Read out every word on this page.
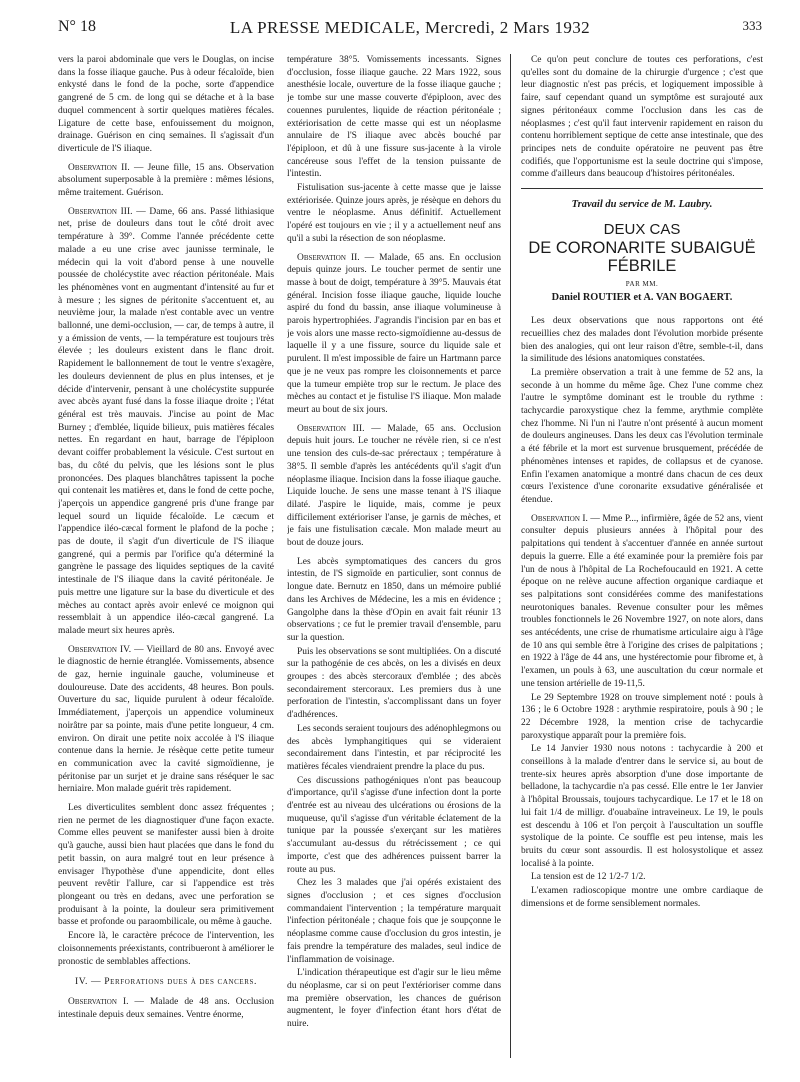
N° 18	LA PRESSE MEDICALE, Mercredi, 2 Mars 1932	333

vers la paroi abdominale que vers le Douglas, on incise dans la fosse iliaque gauche. Pus à odeur fécaloïde, bien enkysté dans le fond de la poche, sorte d'appendice gangrené de 5 cm. de long qui se détache et à la base duquel commencent à sortir quelques matières fécales. Ligature de cette base, enfouissement du moignon, drainage. Guérison en cinq semaines. Il s'agissait d'un diverticule de l'S iliaque.

Observation II. — Jeune fille, 15 ans. Observation absolument superposable à la première : mêmes lésions, même traitement. Guérison.

Observation III. — Dame, 66 ans. Passé lithiasique net, prise de douleurs dans tout le côté droit avec température à 39°. Comme l'année précédente cette malade a eu une crise avec jaunisse terminale, le médecin qui la voit d'abord pense à une nouvelle poussée de cholécystite avec réaction péritonéale. Mais les phénomènes vont en augmentant d'intensité au fur et à mesure ; les signes de péritonite s'accentuent et, au neuvième jour, la malade n'est contable avec un ventre ballonné, une demi-occlusion, — car, de temps à autre, il y a émission de vents, — la température est toujours très élevée ; les douleurs existent dans le flanc droit. Rapidement le ballonnement de tout le ventre s'exagère, les douleurs deviennent de plus en plus intenses, et je décide d'intervenir, pensant à une cholécystite suppurée avec abcès ayant fusé dans la fosse iliaque droite ; l'état général est très mauvais. J'incise au point de Mac Burney ; d'emblée, liquide bilieux, puis matières fécales nettes. En regardant en haut, barrage de l'épiploon devant coiffer probablement la vésicule. C'est surtout en bas, du côté du pelvis, que les lésions sont le plus prononcées. Des plaques blanchâtres tapissent la poche qui contenait les matières et, dans le fond de cette poche, j'aperçois un appendice gangrené pris d'une frange par lequel sourd un liquide fécaloïde. Le cæcum et l'appendice iléo-cæcal forment le plafond de la poche ; pas de doute, il s'agit d'un diverticule de l'S iliaque gangrené, qui a permis par l'orifice qu'a déterminé la gangrène le passage des liquides septiques de la cavité intestinale de l'S iliaque dans la cavité péritonéale. Je puis mettre une ligature sur la base du diverticule et des mèches au contact après avoir enlevé ce moignon qui ressemblait à un appendice iléo-cæcal gangrené. La malade meurt six heures après.

Observation IV. — Vieillard de 80 ans. Envoyé avec le diagnostic de hernie étranglée. Vomissements, absence de gaz, hernie inguinale gauche, volumineuse et douloureuse. Date des accidents, 48 heures. Bon pouls. Ouverture du sac, liquide purulent à odeur fécaloïde. Immédiatement, j'aperçois un appendice volumineux noirâtre par sa pointe, mais d'une petite longueur, 4 cm. environ. On dirait une petite noix accolée à l'S iliaque contenue dans la hernie. Je résèque cette petite tumeur en communication avec la cavité sigmoïdienne, je péritonise par un surjet et je draine sans réséquer le sac herniaire. Mon malade guérit très rapidement.

Les diverticulites semblent donc assez fréquentes ; rien ne permet de les diagnostiquer d'une façon exacte. Comme elles peuvent se manifester aussi bien à droite qu'à gauche, aussi bien haut placées que dans le fond du petit bassin, on aura malgré tout en leur présence à envisager l'hypothèse d'une appendicite, dont elles peuvent revêtir l'allure, car si l'appendice est très plongeant ou très en dedans, avec une perforation se produisant à la pointe, la douleur sera primitivement basse et profonde ou paraombilicale, ou même à gauche.

Encore là, le caractère précoce de l'intervention, les cloisonnements préexistants, contribueront à améliorer le pronostic de semblables affections.

IV. — Perforations dues à des cancers.

Observation I. — Malade de 48 ans. Occlusion intestinale depuis deux semaines. Ventre énorme,

température 38°5. Vomissements incessants. Signes d'occlusion, fosse iliaque gauche. 22 Mars 1922, sous anesthésie locale, ouverture de la fosse iliaque gauche ; je tombe sur une masse couverte d'épiploon, avec des couennes purulentes, liquide de réaction péritonéale ; extériorisation de cette masse qui est un néoplasme annulaire de l'S iliaque avec abcès bouché par l'épiploon, et dû à une fissure sus-jacente à la virole cancéreuse sous l'effet de la tension puissante de l'intestin.

Fistulisation sus-jacente à cette masse que je laisse extériorisée. Quinze jours après, je résèque en dehors du ventre le néoplasme. Anus définitif. Actuellement l'opéré est toujours en vie ; il y a actuellement neuf ans qu'il a subi la résection de son néoplasme.

Observation II. — Malade, 65 ans. En occlusion depuis quinze jours. Le toucher permet de sentir une masse à bout de doigt, température à 39°5. Mauvais état général. Incision fosse iliaque gauche, liquide louche aspiré du fond du bassin, anse iliaque volumineuse à parois hypertrophiées. J'agrandis l'incision par en bas et je vois alors une masse recto-sigmoïdienne au-dessus de laquelle il y a une fissure, source du liquide sale et purulent. Il m'est impossible de faire un Hartmann parce que je ne veux pas rompre les cloisonnements et parce que la tumeur empiète trop sur le rectum. Je place des mèches au contact et je fistulise l'S iliaque. Mon malade meurt au bout de six jours.

Observation III. — Malade, 65 ans. Occlusion depuis huit jours. Le toucher ne révèle rien, si ce n'est une tension des culs-de-sac prérectaux ; température à 38°5. Il semble d'après les antécédents qu'il s'agit d'un néoplasme iliaque. Incision dans la fosse iliaque gauche. Liquide louche. Je sens une masse tenant à l'S iliaque dilaté. J'aspire le liquide, mais, comme je peux difficilement extérioriser l'anse, je garnis de mèches, et je fais une fistulisation cæcale. Mon malade meurt au bout de douze jours.

Les abcès symptomatiques des cancers du gros intestin, de l'S sigmoïde en particulier, sont connus de longue date. Bernutz en 1850, dans un mémoire publié dans les Archives de Médecine, les a mis en évidence ; Gangolphe dans la thèse d'Opin en avait fait réunir 13 observations ; ce fut le premier travail d'ensemble, paru sur la question.

Puis les observations se sont multipliées. On a discuté sur la pathogénie de ces abcès, on les a divisés en deux groupes : des abcès stercoraux d'emblée ; des abcès secondairement stercoraux. Les premiers dus à une perforation de l'intestin, s'accomplissant dans un foyer d'adhérences.

Les seconds seraient toujours des adénophlegmons ou des abcès lymphangitiques qui se videraient secondairement dans l'intestin, et par réciprocité les matières fécales viendraient prendre la place du pus.

Ces discussions pathogéniques n'ont pas beaucoup d'importance, qu'il s'agisse d'une infection dont la porte d'entrée est au niveau des ulcérations ou érosions de la muqueuse, qu'il s'agisse d'un véritable éclatement de la tunique par la poussée s'exerçant sur les matières s'accumulant au-dessus du rétrécissement ; ce qui importe, c'est que des adhérences puissent barrer la route au pus.

Chez les 3 malades que j'ai opérés existaient des signes d'occlusion ; et ces signes d'occlusion commandaient l'intervention ; la température marquait l'infection péritonéale ; chaque fois que je soupçonne le néoplasme comme cause d'occlusion du gros intestin, je fais prendre la température des malades, seul indice de l'inflammation de voisinage.

L'indication thérapeutique est d'agir sur le lieu même du néoplasme, car si on peut l'extérioriser comme dans ma première observation, les chances de guérison augmentent, le foyer d'infection étant hors d'état de nuire.

Ce qu'on peut conclure de toutes ces perforations, c'est qu'elles sont du domaine de la chirurgie d'urgence ; c'est que leur diagnostic n'est pas précis, et logiquement impossible à faire, sauf cependant quand un symptôme est surajouté aux signes péritonéaux comme l'occlusion dans les cas de néoplasmes ; c'est qu'il faut intervenir rapidement en raison du contenu horriblement septique de cette anse intestinale, que des principes nets de conduite opératoire ne peuvent pas être codifiés, que l'opportunisme est la seule doctrine qui s'impose, comme d'ailleurs dans beaucoup d'histoires péritonéales.

Travail du service de M. Laubry.
DEUX CAS
DE CORONARITE SUBAIGUË
FÉBRILE
PAR MM.
Daniel ROUTIER et A. VAN BOGAERT.

Les deux observations que nous rapportons ont été recueillies chez des malades dont l'évolution morbide présente bien des analogies, qui ont leur raison d'être, semble-t-il, dans la similitude des lésions anatomiques constatées.

La première observation a trait à une femme de 52 ans, la seconde à un homme du même âge. Chez l'une comme chez l'autre le symptôme dominant est le trouble du rythme : tachycardie paroxystique chez la femme, arythmie complète chez l'homme. Ni l'un ni l'autre n'ont présenté à aucun moment de douleurs angineuses. Dans les deux cas l'évolution terminale a été fébrile et la mort est survenue brusquement, précédée de phénomènes intenses et rapides, de collapsus et de cyanose. Enfin l'examen anatomique a montré dans chacun de ces deux cœurs l'existence d'une coronarite exsudative généralisée et étendue.

Observation I. — Mme P..., infirmière, âgée de 52 ans, vient consulter depuis plusieurs années à l'hôpital pour des palpitations qui tendent à s'accentuer d'année en année surtout depuis la guerre. Elle a été examinée pour la première fois par l'un de nous à l'hôpital de La Rochefoucauld en 1921. A cette époque on ne relève aucune affection organique cardiaque et ses palpitations sont considérées comme des manifestations neurotoniques banales. Revenue consulter pour les mêmes troubles fonctionnels le 26 Novembre 1927, on note alors, dans ses antécédents, une crise de rhumatisme articulaire aigu à l'âge de 10 ans qui semble être à l'origine des crises de palpitations ; en 1922 à l'âge de 44 ans, une hystérectomie pour fibrome et, à l'examen, un pouls à 63, une auscultation du cœur normale et une tension artérielle de 19-11,5.

Le 29 Septembre 1928 on trouve simplement noté : pouls à 136 ; le 6 Octobre 1928 : arythmie respiratoire, pouls à 90 ; le 22 Décembre 1928, la mention crise de tachycardie paroxystique apparaît pour la première fois.

Le 14 Janvier 1930 nous notons : tachycardie à 200 et conseillons à la malade d'entrer dans le service si, au bout de trente-six heures après absorption d'une dose importante de belladone, la tachycardie n'a pas cessé. Elle entre le 1er Janvier à l'hôpital Broussais, toujours tachycardique. Le 17 et le 18 on lui fait 1/4 de milligr. d'ouabaïne intraveineux. Le 19, le pouls est descendu à 106 et l'on perçoit à l'auscultation un souffle systolique de la pointe. Ce souffle est peu intense, mais les bruits du cœur sont assourdis. Il est holosystolique et assez localisé à la pointe.

La tension est de 12 1/2-7 1/2.

L'examen radioscopique montre une ombre cardiaque de dimensions et de forme sensiblement normales.
